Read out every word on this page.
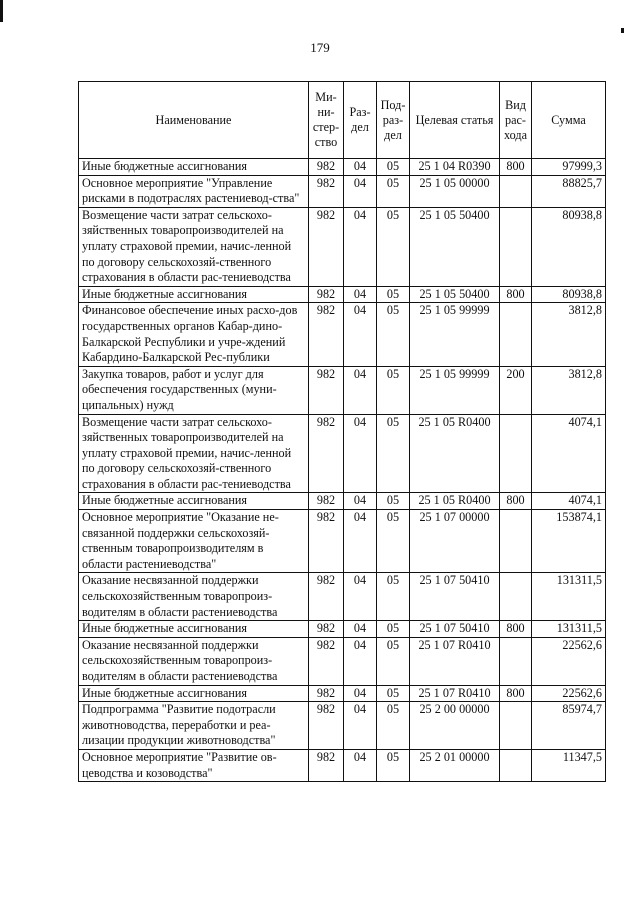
179
Наименование	Ми-ни-стер-ство	Раз-дел	Под-раз-дел	Целевая статья	Вид рас-хода	Сумма
Иные бюджетные ассигнования	982	04	05	25 1 04 R0390	800	97999,3
Основное мероприятие "Управление рисками в подотраслях растениевод-ства"	982	04	05	25 1 05 00000		88825,7
Возмещение части затрат сельскохо-зяйственных товаропроизводителей на уплату страховой премии, начис-ленной по договору сельскохозяй-ственного страхования в области рас-тениеводства	982	04	05	25 1 05 50400		80938,8
Иные бюджетные ассигнования	982	04	05	25 1 05 50400	800	80938,8
Финансовое обеспечение иных расхо-дов государственных органов Кабар-дино-Балкарской Республики и учре-ждений Кабардино-Балкарской Рес-публики	982	04	05	25 1 05 99999		3812,8
Закупка товаров, работ и услуг для обеспечения государственных (муни-ципальных) нужд	982	04	05	25 1 05 99999	200	3812,8
Возмещение части затрат сельскохо-зяйственных товаропроизводителей на уплату страховой премии, начис-ленной по договору сельскохозяй-ственного страхования в области рас-тениеводства	982	04	05	25 1 05 R0400		4074,1
Иные бюджетные ассигнования	982	04	05	25 1 05 R0400	800	4074,1
Основное мероприятие "Оказание не-связанной поддержки сельскохозяй-ственным товаропроизводителям в области растениеводства"	982	04	05	25 1 07 00000		153874,1
Оказание несвязанной поддержки сельскохозяйственным товаропроиз-водителям в области растениеводства	982	04	05	25 1 07 50410		131311,5
Иные бюджетные ассигнования	982	04	05	25 1 07 50410	800	131311,5
Оказание несвязанной поддержки сельскохозяйственным товаропроиз-водителям в области растениеводства	982	04	05	25 1 07 R0410		22562,6
Иные бюджетные ассигнования	982	04	05	25 1 07 R0410	800	22562,6
Подпрограмма "Развитие подотрасли животноводства, переработки и реа-лизации продукции животноводства"	982	04	05	25 2 00 00000		85974,7
Основное мероприятие "Развитие ов-цеводства и козоводства"	982	04	05	25 2 01 00000		11347,5
